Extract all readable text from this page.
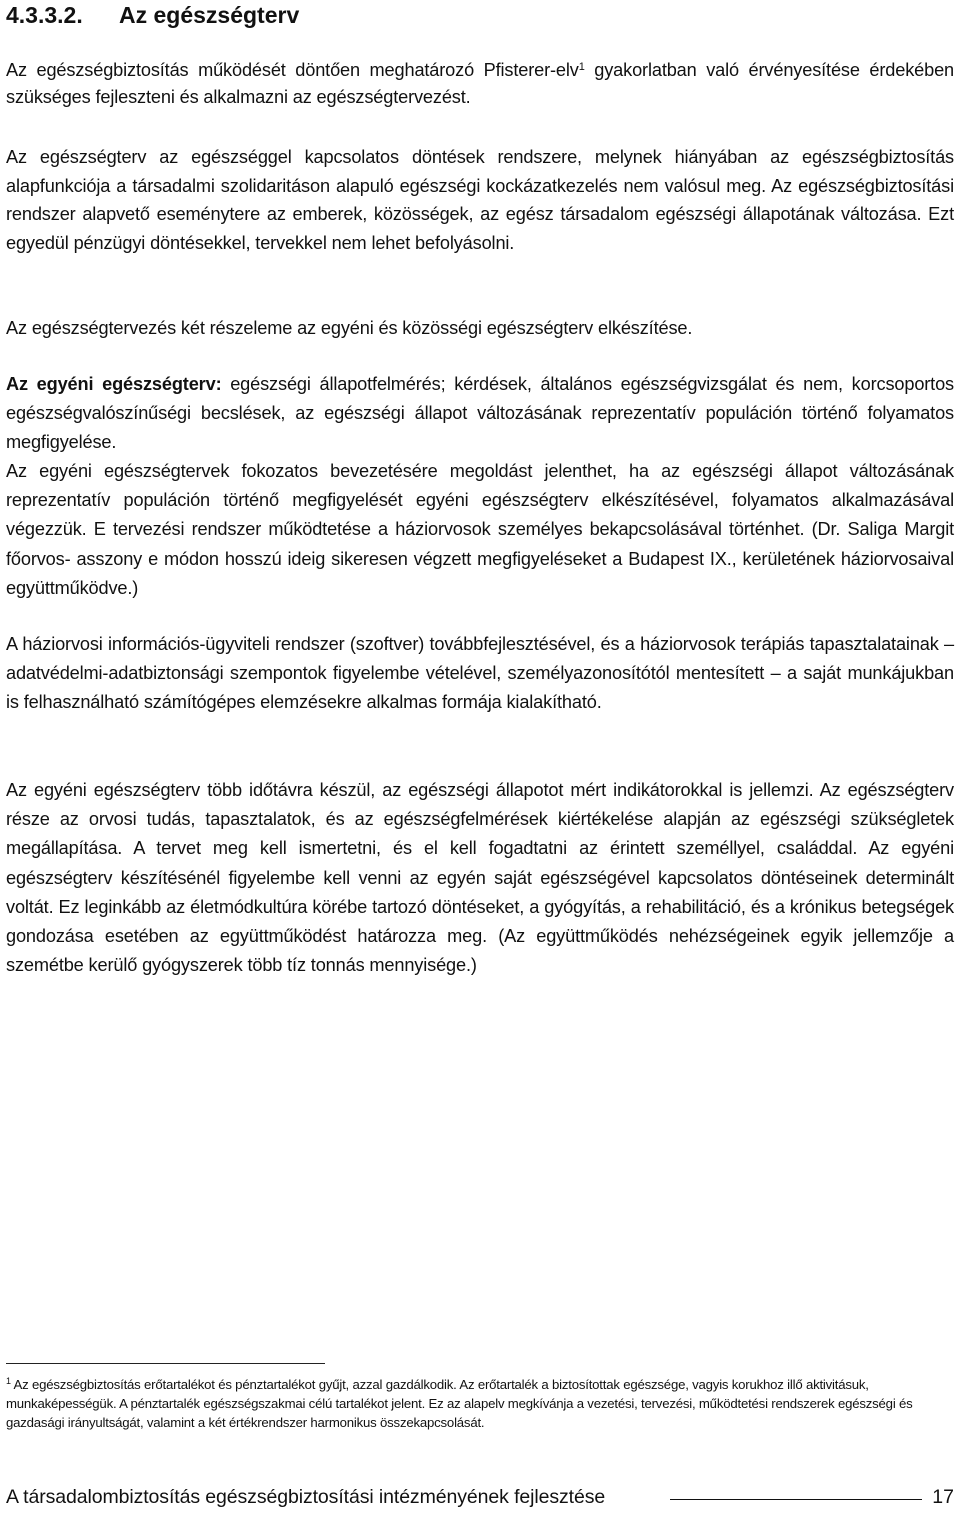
4.3.3.2. Az egészségterv

Az egészségbiztosítás működését döntően meghatározó Pfisterer-elv$^1$ gyakorlatban való érvényesítése érdekében szükséges fejleszteni és alkalmazni az egészségtervezést.

Az egészségterv az egészséggel kapcsolatos döntések rendszere, melynek hiányában az egészségbiztosítás alapfunkciója a társadalmi szolidaritáson alapuló egészségi kockázatkezelés nem valósul meg. Az egészségbiztosítási rendszer alapvető eseménytere az emberek, közösségek, az egész társadalom egészségi állapotának változása. Ezt egyedül pénzügyi döntésekkel, tervekkel nem lehet befolyásolni.

Az egészségtervezés két részeleme az egyéni és közösségi egészségterv elkészítése.

Az egyéni egészségterv: egészségi állapotfelmérés; kérdések, általános egészségvizsgálat és nem, korcsoportos egészségvalószínűségi becslések, az egészségi állapot változásának reprezentatív populáción történő folyamatos megfigyelése.

Az egyéni egészségtervek fokozatos bevezetésére megoldást jelenthet, ha az egészségi állapot változásának reprezentatív populáción történő megfigyelését egyéni egészségterv elkészítésével, folyamatos alkalmazásával végezzük. E tervezési rendszer működtetése a háziorvosok személyes bekapcsolásával történhet. (Dr. Saliga Margit főorvos- asszony e módon hosszú ideig sikeresen végzett megfigyeléseket a Budapest IX., kerületének háziorvosaival együttműködve.)

A háziorvosi információs-ügyviteli rendszer (szoftver) továbbfejlesztésével, és a háziorvosok terápiás tapasztalatainak – adatvédelmi-adatbiztonsági szempontok figyelembe vételével, személyazonosítótól mentesített – a saját munkájukban is felhasználható számítógépes elemzésekre alkalmas formája kialakítható.

Az egyéni egészségterv több időtávra készül, az egészségi állapotot mért indikátorokkal is jellemzi. Az egészségterv része az orvosi tudás, tapasztalatok, és az egészségfelmérések kiértékelése alapján az egészségi szükségletek megállapítása. A tervet meg kell ismertetni, és el kell fogadtatni az érintett személlyel, családdal. Az egyéni egészségterv készítésénél figyelembe kell venni az egyén saját egészségével kapcsolatos döntéseinek determinált voltát. Ez leginkább az életmódkultúra körébe tartozó döntéseket, a gyógyítás, a rehabilitáció, és a krónikus betegségek gondozása esetében az együttműködést határozza meg. (Az együttműködés nehézségeinek egyik jellemzője a szemétbe kerülő gyógyszerek több tíz tonnás mennyisége.)

$^1$ Az egészségbiztosítás erőtartalékot és pénztartalékot gyűjt, azzal gazdálkodik. Az erőtartalék a biztosítottak egészsége, vagyis korukhoz illő aktivitásuk, munkaképességük. A pénztartalék egészségszakmai célú tartalékot jelent. Ez az alapelv megkívánja a vezetési, tervezési, működtetési rendszerek egészségi és gazdasági irányultságát, valamint a két értékrendszer harmonikus összekapcsolását.

A társadalombiztosítás egészségbiztosítási intézményének fejlesztése	17
